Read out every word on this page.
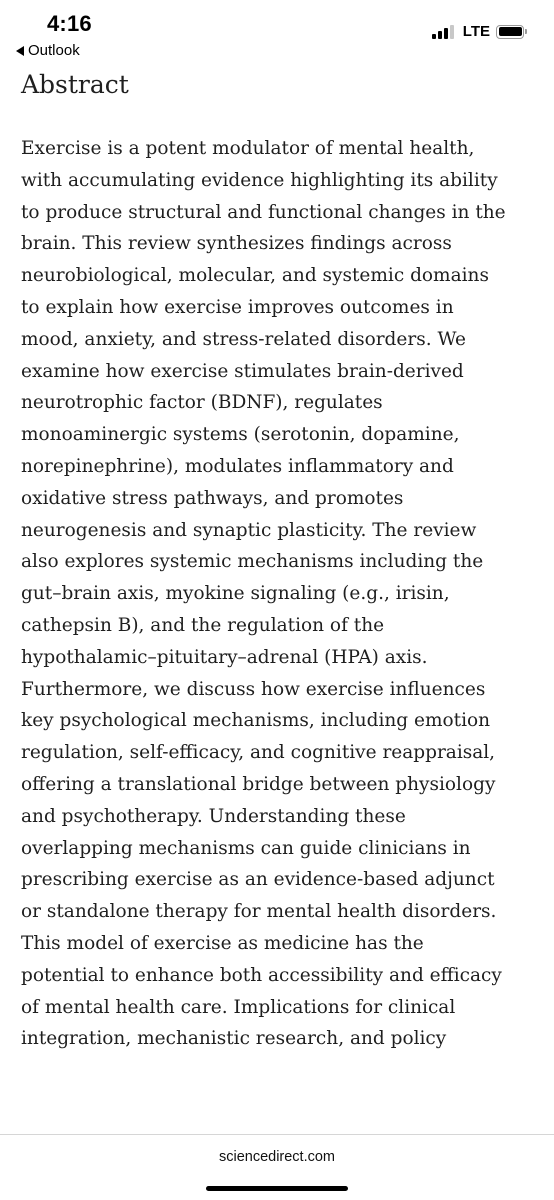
4:16
Outlook
LTE
Abstract
Exercise is a potent modulator of mental health,
with accumulating evidence highlighting its ability
to produce structural and functional changes in the
brain. This review synthesizes findings across
neurobiological, molecular, and systemic domains
to explain how exercise improves outcomes in
mood, anxiety, and stress-related disorders. We
examine how exercise stimulates brain-derived
neurotrophic factor (BDNF), regulates
monoaminergic systems (serotonin, dopamine,
norepinephrine), modulates inflammatory and
oxidative stress pathways, and promotes
neurogenesis and synaptic plasticity. The review
also explores systemic mechanisms including the
gut–brain axis, myokine signaling (e.g., irisin,
cathepsin B), and the regulation of the
hypothalamic–pituitary–adrenal (HPA) axis.
Furthermore, we discuss how exercise influences
key psychological mechanisms, including emotion
regulation, self-efficacy, and cognitive reappraisal,
offering a translational bridge between physiology
and psychotherapy. Understanding these
overlapping mechanisms can guide clinicians in
prescribing exercise as an evidence-based adjunct
or standalone therapy for mental health disorders.
This model of exercise as medicine has the
potential to enhance both accessibility and efficacy
of mental health care. Implications for clinical
integration, mechanistic research, and policy
sciencedirect.com
